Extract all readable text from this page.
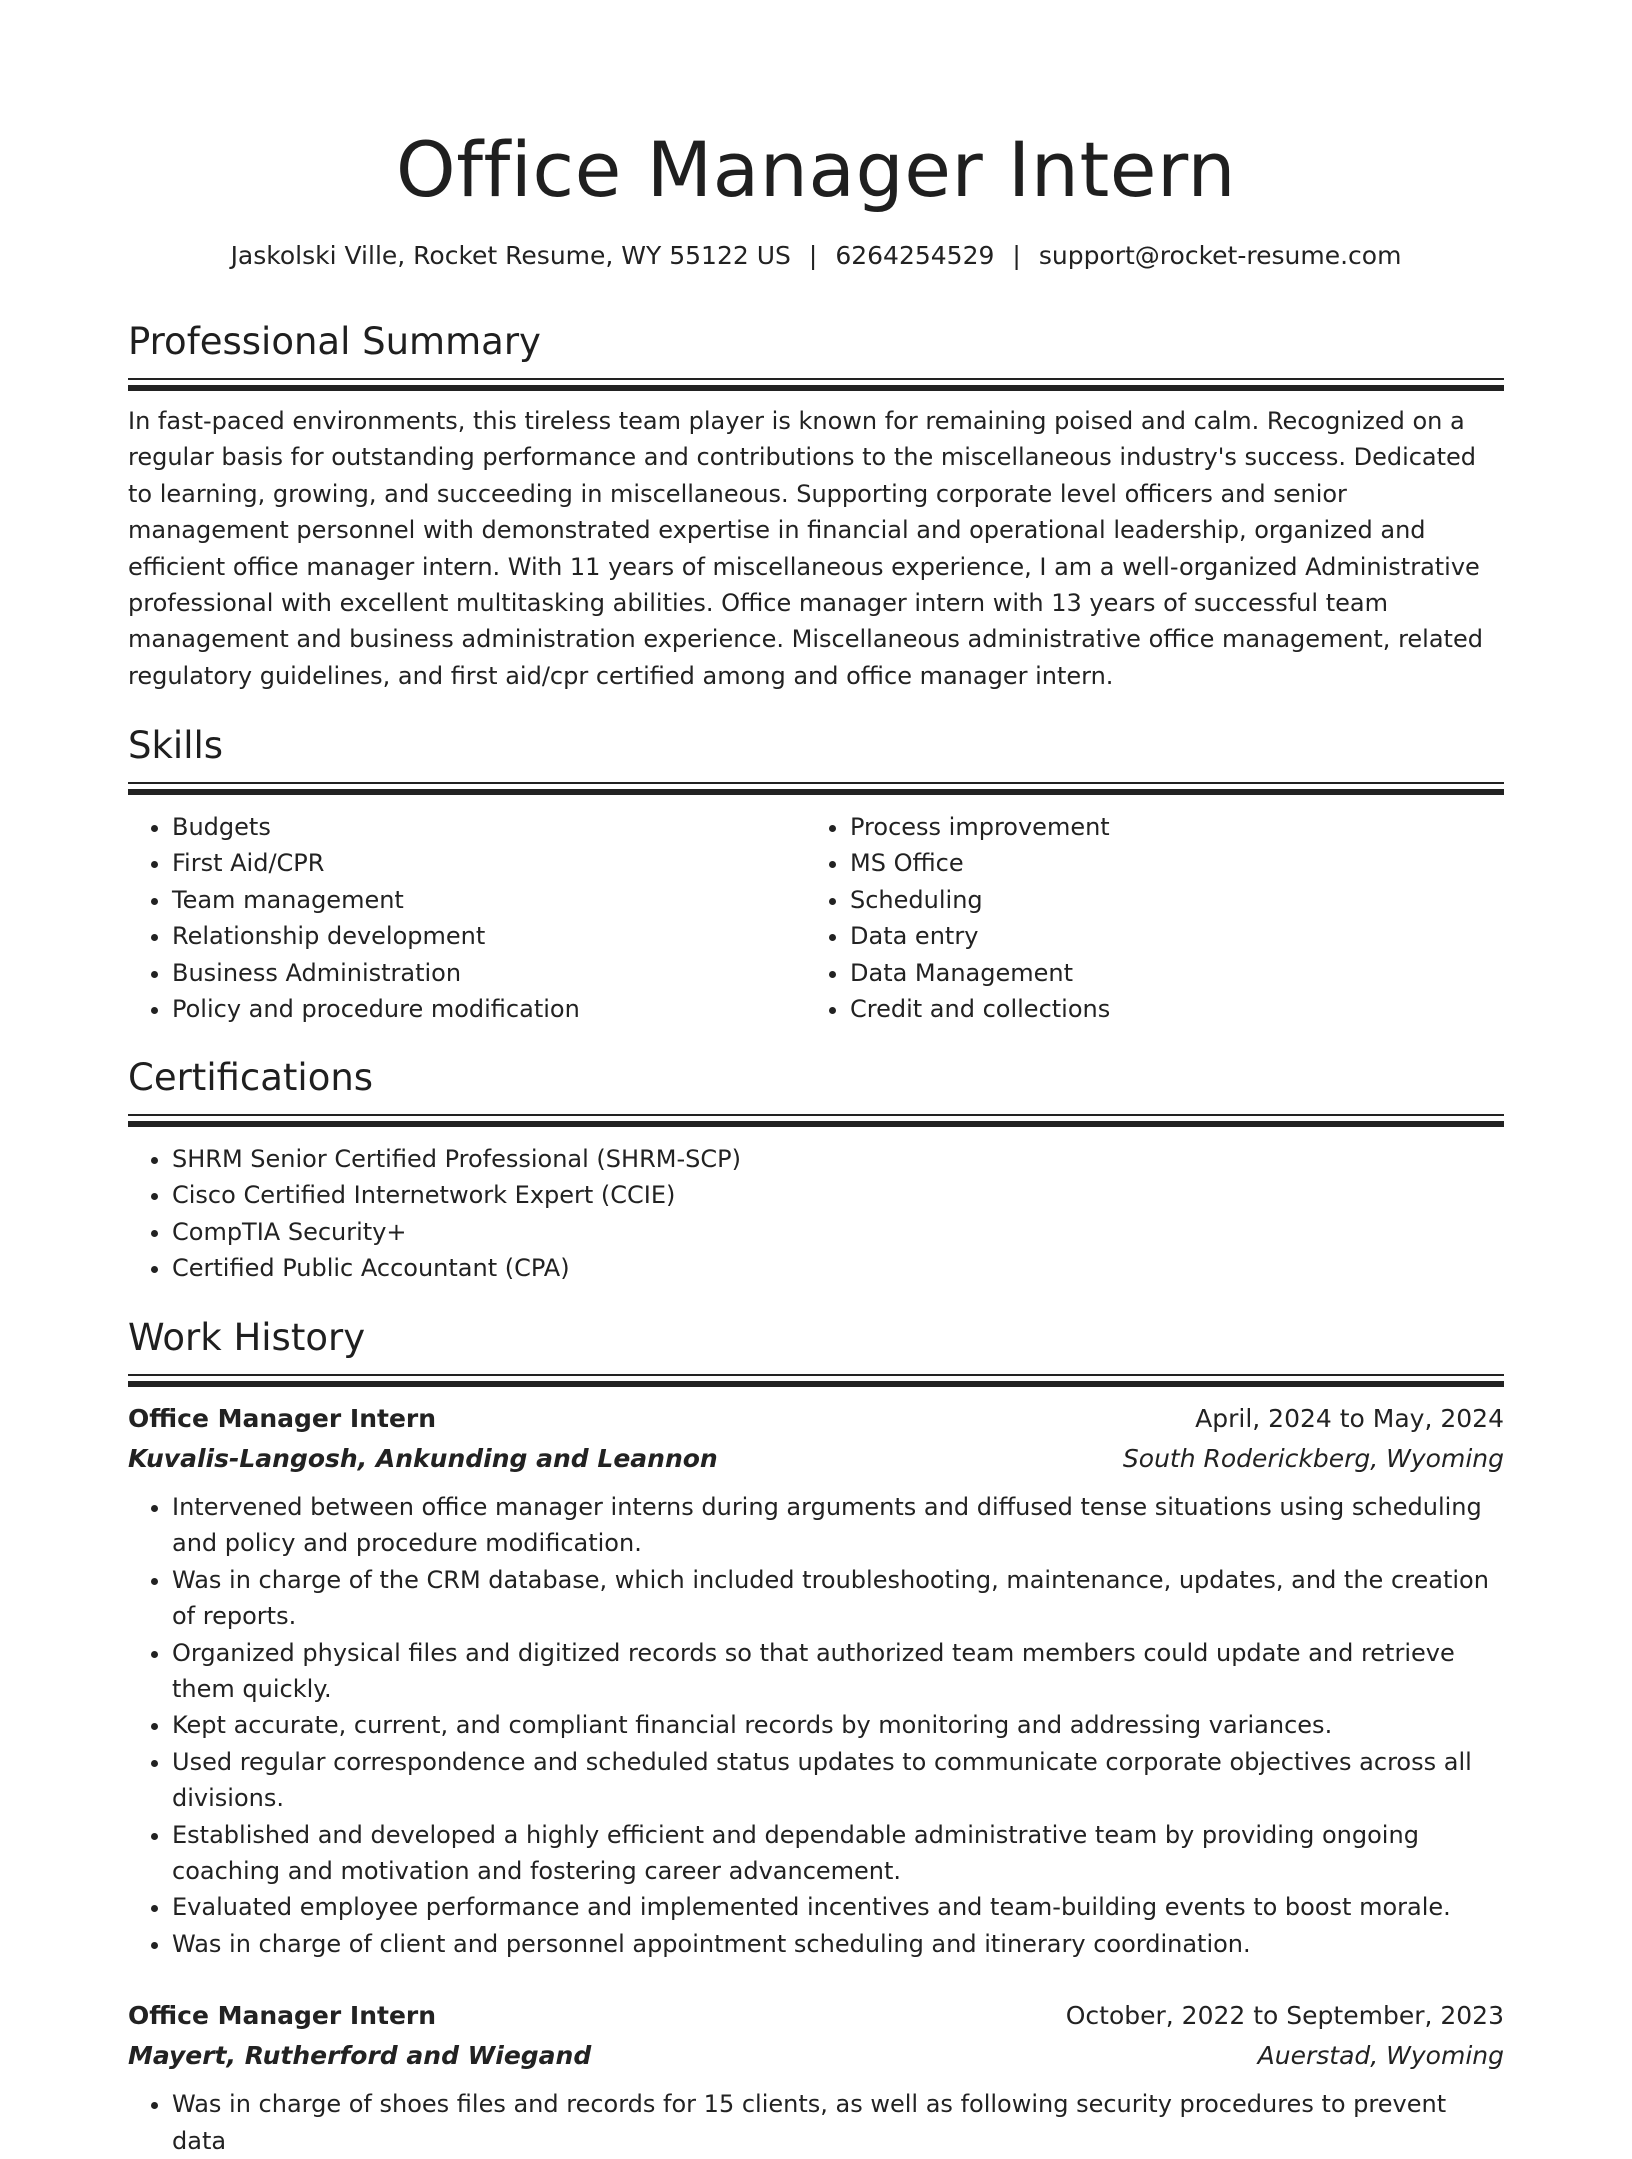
Office Manager Intern
Jaskolski Ville, Rocket Resume, WY 55122 US | 6264254529 | support@rocket-resume.com
Professional Summary

In fast-paced environments, this tireless team player is known for remaining poised and calm. Recognized on a regular basis for outstanding performance and contributions to the miscellaneous industry's success. Dedicated to learning, growing, and succeeding in miscellaneous. Supporting corporate level officers and senior management personnel with demonstrated expertise in financial and operational leadership, organized and efficient office manager intern. With 11 years of miscellaneous experience, I am a well-organized Administrative professional with excellent multitasking abilities. Office manager intern with 13 years of successful team management and business administration experience. Miscellaneous administrative office management, related regulatory guidelines, and first aid/cpr certified among and office manager intern.

Skills
• Budgets
• First Aid/CPR
• Team management
• Relationship development
• Business Administration
• Policy and procedure modification
• Process improvement
• MS Office
• Scheduling
• Data entry
• Data Management
• Credit and collections
Certifications
• SHRM Senior Certified Professional (SHRM-SCP)
• Cisco Certified Internetwork Expert (CCIE)
• CompTIA Security+
• Certified Public Accountant (CPA)
Work History
Office Manager Intern	April, 2024 to May, 2024
Kuvalis-Langosh, Ankunding and Leannon	South Roderickberg, Wyoming
• Intervened between office manager interns during arguments and diffused tense situations using scheduling and policy and procedure modification.
• Was in charge of the CRM database, which included troubleshooting, maintenance, updates, and the creation of reports.
• Organized physical files and digitized records so that authorized team members could update and retrieve them quickly.
• Kept accurate, current, and compliant financial records by monitoring and addressing variances.
• Used regular correspondence and scheduled status updates to communicate corporate objectives across all divisions.
• Established and developed a highly efficient and dependable administrative team by providing ongoing coaching and motivation and fostering career advancement.
• Evaluated employee performance and implemented incentives and team-building events to boost morale.
• Was in charge of client and personnel appointment scheduling and itinerary coordination.
Office Manager Intern	October, 2022 to September, 2023
Mayert, Rutherford and Wiegand	Auerstad, Wyoming
• Was in charge of shoes files and records for 15 clients, as well as following security procedures to prevent data
